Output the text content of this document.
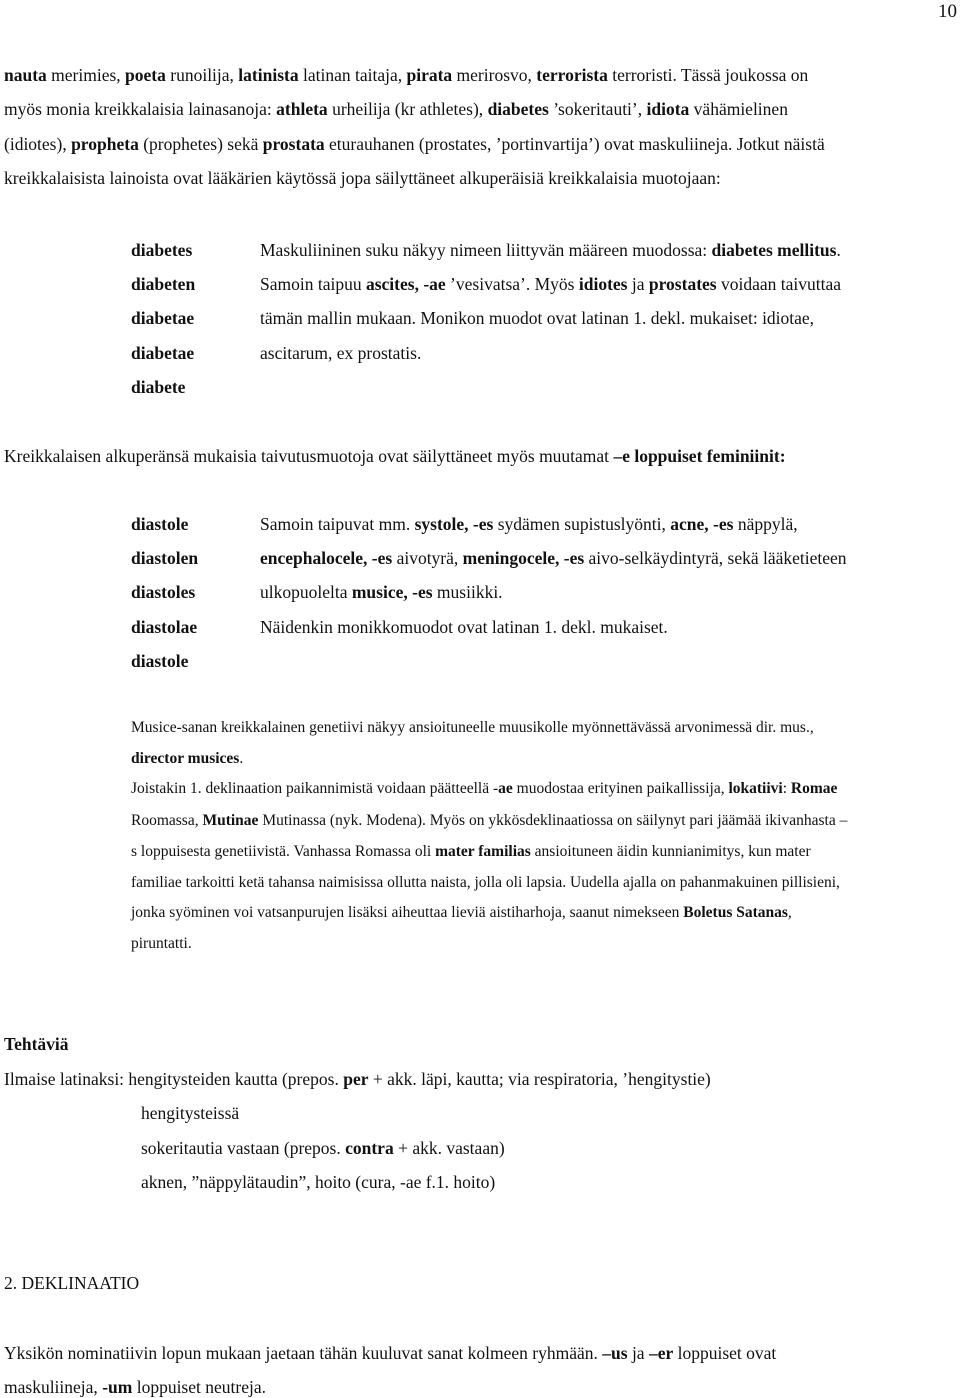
10
nauta merimies, poeta runoilija, latinista latinan taitaja, pirata merirosvo, terrorista terroristi. Tässä joukossa on
myös monia kreikkalaisia lainasanoja: athleta urheilija (kr athletes), diabetes ’sokeritauti’, idiota vähämielinen
(idiotes), propheta (prophetes) sekä prostata eturauhanen (prostates, ’portinvartija’) ovat maskuliineja. Jotkut näistä
kreikkalaisista lainoista ovat lääkärien käytössä jopa säilyttäneet alkuperäisiä kreikkalaisia muotojaan:
diabetes
diabeten
diabetae
diabetae
diabete
Maskuliininen suku näkyy nimeen liittyvän määreen muodossa: diabetes mellitus.
Samoin taipuu ascites, -ae ’vesivatsa’. Myös idiotes ja prostates voidaan taivuttaa
tämän mallin mukaan. Monikon muodot ovat latinan 1. dekl. mukaiset: idiotae,
ascitarum, ex prostatis.
Kreikkalaisen alkuperänsä mukaisia taivutusmuotoja ovat säilyttäneet myös muutamat –e loppuiset feminiinit:
diastole
diastolen
diastoles
diastolae
diastole
Samoin taipuvat mm. systole, -es sydämen supistuslyönti, acne, -es näppylä,
encephalocele, -es aivotyrä, meningocele, -es aivo-selkäydintyrä, sekä lääketieteen
ulkopuolelta musice, -es musiikki.
Näidenkin monikkomuodot ovat latinan 1. dekl. mukaiset.
Musice-sanan kreikkalainen genetiivi näkyy ansioituneelle muusikolle myönnettävässä arvonimessä dir. mus.,
director musices.
Joistakin 1. deklinaation paikannimistä voidaan päätteellä -ae muodostaa erityinen paikallissija, lokatiivi: Romae
Roomassa, Mutinae Mutinassa (nyk. Modena). Myös on ykkösdeklinaatiossa on säilynyt pari jäämää ikivanhasta –
s loppuisesta genetiivistä. Vanhassa Romassa oli mater familias ansioituneen äidin kunnianimitys, kun mater
familiae tarkoitti ketä tahansa naimisissa ollutta naista, jolla oli lapsia. Uudella ajalla on pahanmakuinen pillisieni,
jonka syöminen voi vatsanpurujen lisäksi aiheuttaa lieviä aistiharhoja, saanut nimekseen Boletus Satanas,
piruntatti.
Tehtäviä
Ilmaise latinaksi: hengitysteiden kautta (prepos. per + akk. läpi, kautta; via respiratoria, ’hengitystie)
hengitysteissä
sokeritautia vastaan (prepos. contra + akk. vastaan)
aknen, ”näppylätaudin”, hoito (cura, -ae f.1. hoito)
2. DEKLINAATIO
Yksikön nominatiivin lopun mukaan jaetaan tähän kuuluvat sanat kolmeen ryhmään. –us ja –er loppuiset ovat
maskuliineja, -um loppuiset neutreja.
